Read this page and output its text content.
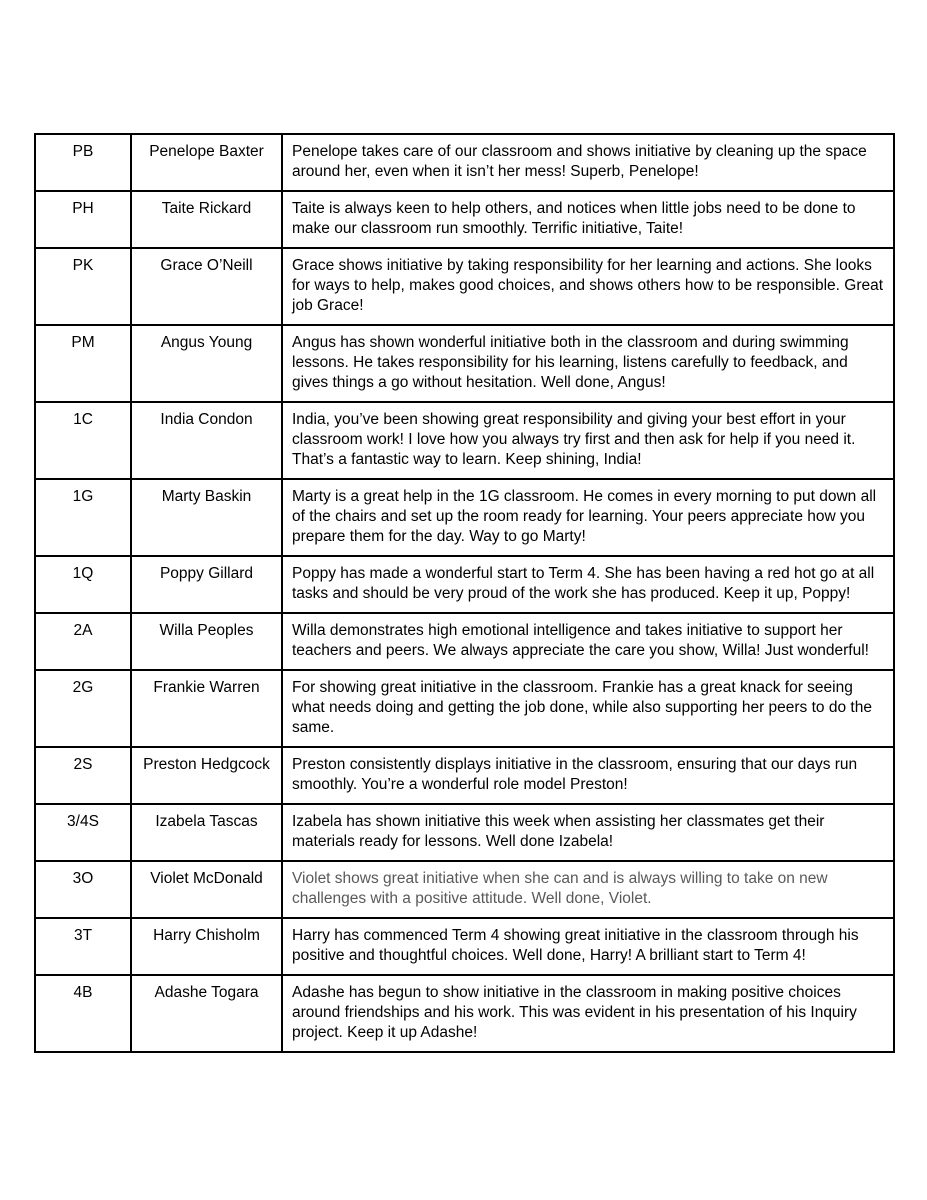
PB	Penelope Baxter	Penelope takes care of our classroom and shows initiative by cleaning up the space around her, even when it isn’t her mess! Superb, Penelope!
PH	Taite Rickard	Taite is always keen to help others, and notices when little jobs need to be done to make our classroom run smoothly. Terrific initiative, Taite!
PK	Grace O’Neill	Grace shows initiative by taking responsibility for her learning and actions. She looks for ways to help, makes good choices, and shows others how to be responsible. Great job Grace!
PM	Angus Young	Angus has shown wonderful initiative both in the classroom and during swimming lessons. He takes responsibility for his learning, listens carefully to feedback, and gives things a go without hesitation. Well done, Angus!
1C	India Condon	India, you’ve been showing great responsibility and giving your best effort in your classroom work! I love how you always try first and then ask for help if you need it. That’s a fantastic way to learn. Keep shining, India!
1G	Marty Baskin	Marty is a great help in the 1G classroom. He comes in every morning to put down all of the chairs and set up the room ready for learning. Your peers appreciate how you prepare them for the day. Way to go Marty!
1Q	Poppy Gillard	Poppy has made a wonderful start to Term 4. She has been having a red hot go at all tasks and should be very proud of the work she has produced. Keep it up, Poppy!
2A	Willa Peoples	Willa demonstrates high emotional intelligence and takes initiative to support her teachers and peers. We always appreciate the care you show, Willa! Just wonderful!
2G	Frankie Warren	For showing great initiative in the classroom. Frankie has a great knack for seeing what needs doing and getting the job done, while also supporting her peers to do the same.
2S	Preston Hedgcock	Preston consistently displays initiative in the classroom, ensuring that our days run smoothly. You’re a wonderful role model Preston!
3/4S	Izabela Tascas	Izabela has shown initiative this week when assisting her classmates get their materials ready for lessons. Well done Izabela!
3O	Violet McDonald	Violet shows great initiative when she can and is always willing to take on new challenges with a positive attitude. Well done, Violet.
3T	Harry Chisholm	Harry has commenced Term 4 showing great initiative in the classroom through his positive and thoughtful choices. Well done, Harry! A brilliant start to Term 4!
4B	Adashe Togara	Adashe has begun to show initiative in the classroom in making positive choices around friendships and his work. This was evident in his presentation of his Inquiry project. Keep it up Adashe!
